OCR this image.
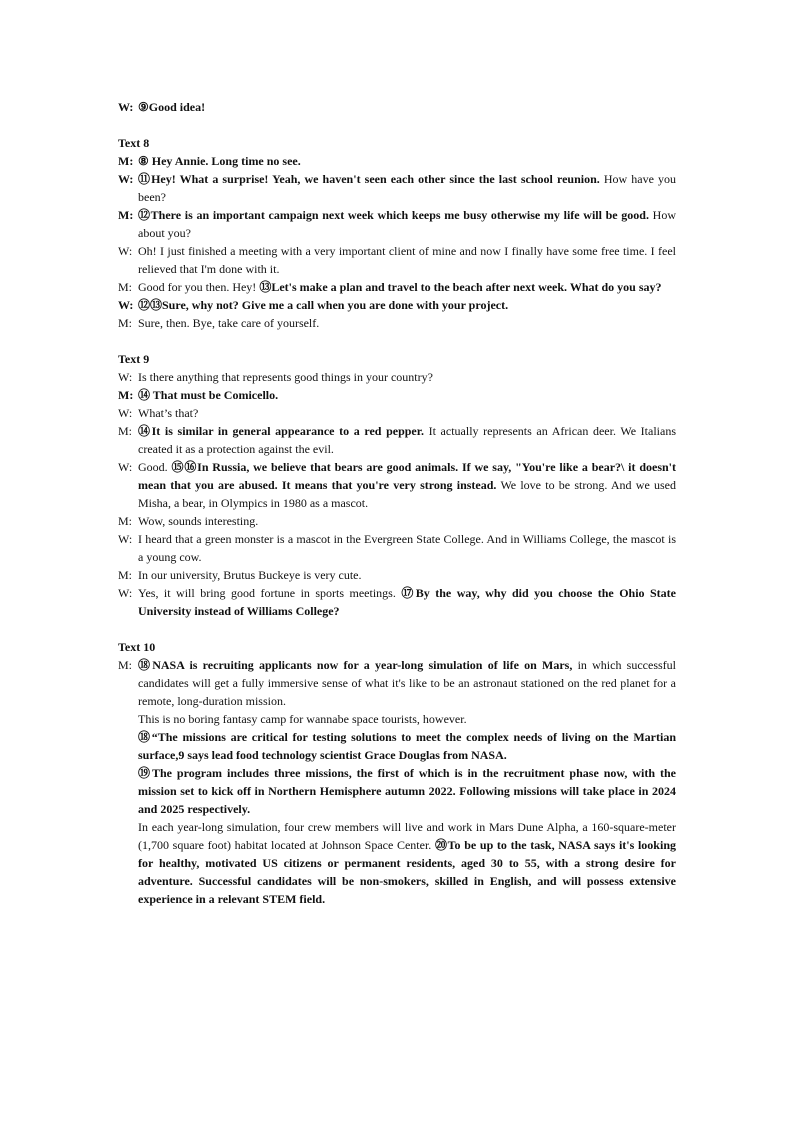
W: ⑨Good idea!
Text 8
M: ⑧ Hey Annie. Long time no see.
W: ⑪Hey! What a surprise! Yeah, we haven't seen each other since the last school reunion. How have you been?
M: ⑫There is an important campaign next week which keeps me busy otherwise my life will be good. How about you?
W: Oh! I just finished a meeting with a very important client of mine and now I finally have some free time. I feel relieved that I'm done with it.
M: Good for you then. Hey! ⑬Let's make a plan and travel to the beach after next week. What do you say?
W: ⑫⑬Sure, why not? Give me a call when you are done with your project.
M: Sure, then. Bye, take care of yourself.
Text 9
W: Is there anything that represents good things in your country?
M: ⑭ That must be Comicello.
W: What’s that?
M: ⑭It is similar in general appearance to a red pepper. It actually represents an African deer. We Italians created it as a protection against the evil.
W: Good. ⑮⑯In Russia, we believe that bears are good animals. If we say, "You're like a bear?\ it doesn't mean that you are abused. It means that you're very strong instead. We love to be strong. And we used Misha, a bear, in Olympics in 1980 as a mascot.
M: Wow, sounds interesting.
W: I heard that a green monster is a mascot in the Evergreen State College. And in Williams College, the mascot is a young cow.
M: In our university, Brutus Buckeye is very cute.
W: Yes, it will bring good fortune in sports meetings. ⑰By the way, why did you choose the Ohio State University instead of Williams College?
Text 10
M: ⑱NASA is recruiting applicants now for a year-long simulation of life on Mars, in which successful candidates will get a fully immersive sense of what it's like to be an astronaut stationed on the red planet for a remote, long-duration mission.
This is no boring fantasy camp for wannabe space tourists, however.
⑱“The missions are critical for testing solutions to meet the complex needs of living on the Martian surface,9 says lead food technology scientist Grace Douglas from NASA.
⑲The program includes three missions, the first of which is in the recruitment phase now, with the mission set to kick off in Northern Hemisphere autumn 2022. Following missions will take place in 2024 and 2025 respectively.
In each year-long simulation, four crew members will live and work in Mars Dune Alpha, a 160-square-meter (1,700 square foot) habitat located at Johnson Space Center. ⑳To be up to the task, NASA says it's looking for healthy, motivated US citizens or permanent residents, aged 30 to 55, with a strong desire for adventure. Successful candidates will be non-smokers, skilled in English, and will possess extensive experience in a relevant STEM field.
